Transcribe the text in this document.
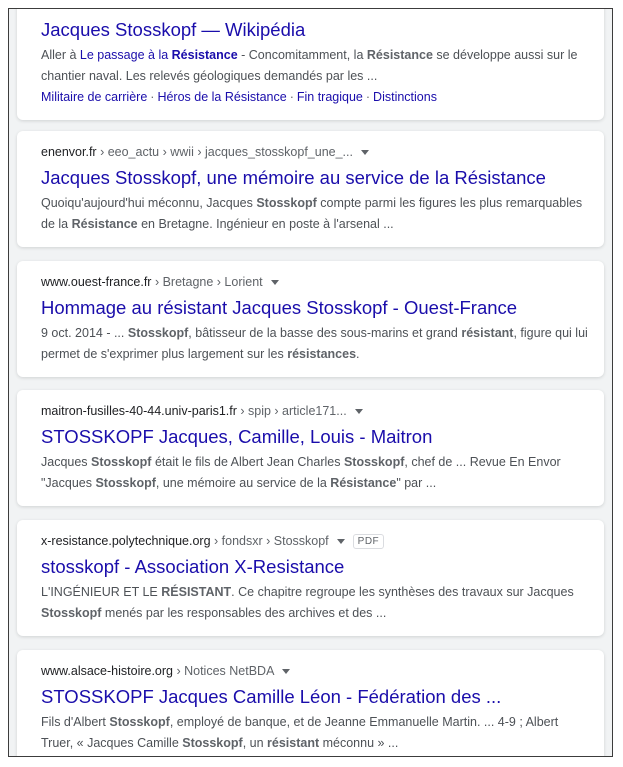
Jacques Stosskopf — Wikipédia
Aller à Le passage à la Résistance - Concomitamment, la Résistance se développe aussi sur le
chantier naval. Les relevés géologiques demandés par les ...
Militaire de carrière · Héros de la Résistance · Fin tragique · Distinctions
enenvor.fr › eeo_actu › wwii › jacques_stosskopf_une_...
Jacques Stosskopf, une mémoire au service de la Résistance
Quoiqu'aujourd'hui méconnu, Jacques Stosskopf compte parmi les figures les plus remarquables
de la Résistance en Bretagne. Ingénieur en poste à l'arsenal ...
www.ouest-france.fr › Bretagne › Lorient
Hommage au résistant Jacques Stosskopf - Ouest-France
9 oct. 2014 - ... Stosskopf, bâtisseur de la basse des sous-marins et grand résistant, figure qui lui
permet de s'exprimer plus largement sur les résistances.
maitron-fusilles-40-44.univ-paris1.fr › spip › article171...
STOSSKOPF Jacques, Camille, Louis - Maitron
Jacques Stosskopf était le fils de Albert Jean Charles Stosskopf, chef de ... Revue En Envor
"Jacques Stosskopf, une mémoire au service de la Résistance" par ...
x-resistance.polytechnique.org › fondsxr › Stosskopf	PDF
stosskopf - Association X-Resistance
L'INGÉNIEUR ET LE RÉSISTANT. Ce chapitre regroupe les synthèses des travaux sur Jacques
Stosskopf menés par les responsables des archives et des ...
www.alsace-histoire.org › Notices NetBDA
STOSSKOPF Jacques Camille Léon - Fédération des ...
Fils d'Albert Stosskopf, employé de banque, et de Jeanne Emmanuelle Martin. ... 4-9 ; Albert
Truer, « Jacques Camille Stosskopf, un résistant méconnu » ...
